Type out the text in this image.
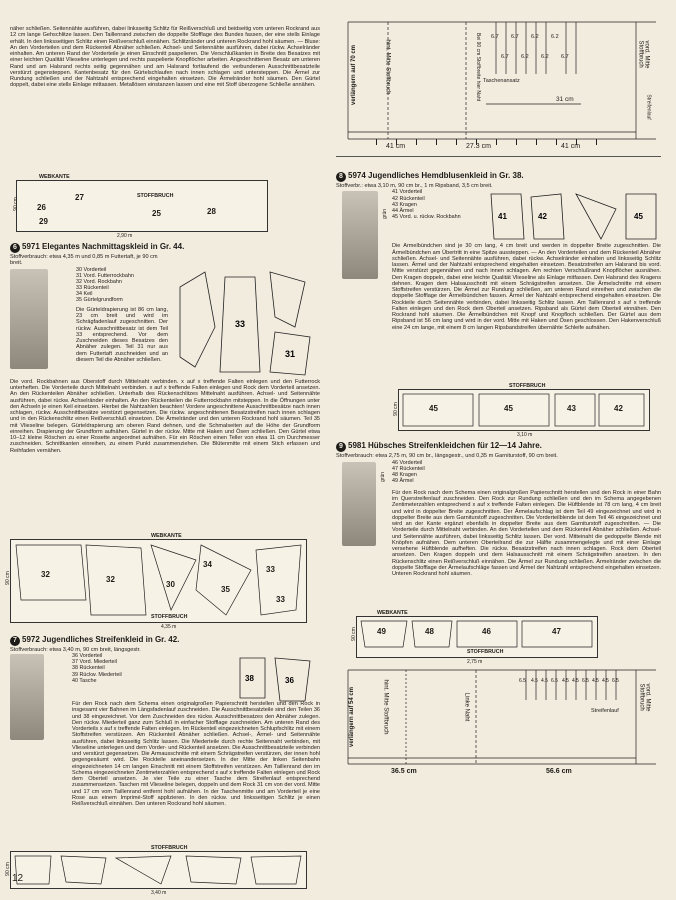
näher schließen. Seitennähte ausführen, dabei linksseitig Schlitz für Reißverschluß und beidseitig vom unteren Rockrand aus 12 cm lange Gehschlitze lassen. Den Taillenrand zwischen die doppelte Stofflage des Bundes fassen, der eine stells Einlage erhält. In den linksseitigen Schlitz einen Reißverschluß einnähen. Schlitzränder und unteren Rockrand hohl säumen. — Bluse: An den Vorderteilen und dem Rückenteil Abnäher schließen. Achsel- und Seitennähte ausführen, dabei rückw. Achselränder einhalten. Am unteren Rand der Vorderteile je einen Einschnitt paspelieren. Die Verschlußkanten in Breite des Besatzes mit einer leichten Qualität Vlieseline unterlegen und rechts paspelierte Knopflöcher arbeiten. Angeschnittenen Besatz am unteren Rand und am Halsrand rechts seitig gegennähen und am Halsrand fortlaufend die verbundenen Ausschnittbesatzteile verstürzt gegensteppen. Kantenbesatz für den Gürtelschlaufen nach innen schlagen und untersteppen. Die Ärmel zur Rundung schließen und der Nahtzahl entsprechend eingehalten einsetzen. Die Ärmelränder hohl säumen. Den Gürtel doppelt, dabei eine stells Einlage mittassen. Metallösen einstanzen lassen und eine mit Stoff überzogene Schließe annähen.

WEBKANTE
STOFFBRUCH
26
27
28
29
25
2,90 m
90 cm
6 5971 Elegantes Nachmittagskleid in Gr. 44.

Stoffverbrauch: etwa 4,35 m und 0,85 m Futtertaft, je 90 cm breit.

30 Vorderteil

31 Vord. Futterrockbahn

32 Vord. Rockbahn

33 Rückenteil

34 Keil

35 Gürtelgrundform

Die Gürteldrapierung ist 86 cm lang, 23 cm breit und wird im Schrägfadenlauf zugeschnitten. Der rückw. Ausschnittbesatz ist dem Teil 33 entsprechend. Vor dem Zuschneiden dieses Besatzes den Abnäher zulegen. Teil 31 nur aus dem Futtertaft zuschneiden und an diesem Teil die Abnäher schließen.

33
31

Die vord. Rockbahnen aus Oberstoff durch Mittelnaht verbinden. x auf x treffende Falten einlegen und den Futterrock unterheften. Die Vorderteile durch Mittelnaht verbinden. x auf x treffende Falten einlegen und Rock dem Vorderteil ansetzen. An den Rückenteilen Abnäher schließen. Unterhalb des Rückenschlitzes Mittelnaht ausführen. Achsel- und Seitennähte ausführen, dabei rückw. Achselränder einhalten. An den Rückenteilen die Futterrockbahn mitsteppen. In die Öffnungen unter den Achseln je einen Keil einsetzen. Hierbei die Nahtzahlen beachten! Vordere angeschnittene Ausschnittbesätze nach innen schlagen, rückw. Ausschnittbesätze verstürzt gegensetzen. Die rückw. angeschnittenen Besatzstreifen nach innen schlagen und in den Rückenschlitz einen Reißverschluß einsetzen. Die Ärmelränder und den unteren Rockrand hohl säumen. Teil 35 mit Vlieseline belegen. Gürteldrapierung am oberen Rand dehnen, und die Schmalseiten auf die Höhe der Grundform einreihen. Drapierung der Grundform aufnähen. Gürtel in der rückw. Mitte mit Haken und Ösen schließen. Den Gürtel etwa 10–12 kleine Röschen zu einer Rosette angeordnet aufnähen. Für ein Röschen einen Teller von etwa 11 cm Durchmesser zuschneiden. Schnittkanten einreihen, zu einem Punkt zusammenziehen. Die Blütenmitte mit einem Stich erfassen und Reihfaden vernähen.

WEBKANTE
STOFFBRUCH
32
32
30
34
35
33
33
4,35 m
90 cm
7 5972 Jugendliches Streifenkleid in Gr. 42.

Stoffverbrauch: etwa 3,40 m, 90 cm breit, längsgestr.

36 Vorderteil

37 Vord. Miederteil

38 Rückenteil

39 Rückw. Miederteil

40 Tasche	38	36

Für den Rock nach dem Schema einen originalgroßen Papierschnitt herstellen und den Rock in insgesamt vier Bahnen im Längsfadenlauf zuschneiden. Die Ausschnittbesatzteile sind den Teilen 36 und 38 eingezeichnet. Vor dem Zuschneiden des rückw. Ausschnittbesatzes den Abnäher zulegen. Den rückw. Miederteil ganz zum Schluß in einfacher Stofflage zuschneiden. Am unteren Rand des Vorderteils x auf x treffende Falten einlegen. Im Rückenteil eingezeichneten Schlupfschlitz mit einem Stoffstreifen verstürzen. Am Rückenteil Abnäher schließen. Achsel-, Ärmel- und Seitennähte ausführen, dabei linksseitig Schlitz lassen. Die Miederteile durch rechte Seitennaht verbinden, mit Vlieseline unterlegen und dem Vorder- und Rückenteil ansetzen. Die Ausschnittbesatzteile verbinden und verstürzt gegensetzen. Die Armausschnitte mit einem Schrägstreifen verstürzen, der innen hohl gegengesäumt wird. Die Rockteile aneinandersetzen. In der Mitte der linken Seitenbahn eingezeichneten 14 cm langen Einschnitt mit einem Stoffstreifen verstürzen. Am Taillenrand den im Schema eingezeichneten Zentimeterzahlen entsprechend x auf x treffende Falten einlegen und Rock dem Oberteil ansetzen. Je vier Teile zu einer Tasche dem Streifenlauf entsprechend zusammensetzen. Taschen mit Vlieseline belegen, doppeln und dem Rock 31 cm von der vord. Mitte und 17 cm vom Taillenrand entfernt hohl aufnähen. In der Taschenmitte und am Vorderteil je eine Rose aus einem Imprimé-Stoff applizieren. In den rückw. und linksseitigen Schlitz je einen Reißverschluß einnähen. Den unteren Rockrand hohl säumen.

STOFFBRUCH
3,40 m
90 cm
verlängern auf 70 cm	hint. Mitte Stoffbruch	Bei 90 cm Stoffbreite hier Naht	vord. Mitte Stoffbruch
Taschenansatz
31 cm	Streifenlauf
41 cm	27.3 cm	41 cm
6.7 6.7 6.2 6.2
6.7 6.2 6.2 6.7
8 5974 Jugendliches Hemdblusenkleid in Gr. 38.

Stoffverbr.: etwa 3,10 m, 90 cm br., 1 m Ripsband, 3,5 cm breit.

grün

41 Vorderteil

42 Rückenteil

43 Kragen

44 Ärmel

45 Vord. u. rückw. Rockbahn	41	42	45

Die Ärmelbündchen sind je 30 cm lang, 4 cm breit und werden in doppelter Breite zugeschnitten. Die Ärmelbündchen am Übertritt in eine Spitze aussteppen. — An den Vorderteilen und dem Rückenteil Abnäher schließen. Achsel- und Seitennähte ausführen, dabei rückw. Achselränder einhalten und linksseitig Schlitz lassen. Ärmel und der Nahtzahl entsprechend eingehalten einsetzen. Besatzstreifen am Halsrand bis vord. Mitte verstürzt gegennähen und nach innen schlagen. Am rechten Verschlußrand Knopflöcher ausnähen. Den Kragen doppeln, dabei eine leichte Qualität Vlieseline als Einlage mitfassen. Den Halsrand des Kragens dehnen. Kragen dem Halsausschnitt mit einem Schrägstreifen ansetzen. Die Ärmelschnitte mit einem Stoffstreifen verstürzen. Die Ärmel zur Rundung schließen, am unteren Rand einreihen und zwischen die doppelte Stofflage der Ärmelbündchen fassen. Ärmel der Nahtzahl entsprechend eingehalten einsetzen. Die Rockteile durch Seitennähte verbinden, dabei linksseitig Schlitz lassen. Am Taillenrand x auf x treffende Falten einlegen und den Rock dem Oberteil ansetzen. Ripsband als Gürtel dem Oberteil einnähen. Den Rockrand hohl säumen. Die Ärmelbündchen mit Knopf und Knopfloch schließen. Der Gürtel aus dem Ripsband ist 56 cm lang und wird in der vord. Mitte mit Haken und Ösen geschlossen. Den Hakenverschluß eine 24 cm lange, mit einem 8 cm langen Ripsbandstreifen übernähte Schleife aufnähen.

STOFFBRUCH
45	45	43	42
3,10 m
90 cm
9 5981 Hübsches Streifenkleidchen für 12—14 Jahre.

Stoffverbrauch: etwa 2,75 m, 90 cm br., längsgestr., und 0,35 m Garniturstoff, 90 cm breit.

grün

46 Vorderteil

47 Rückenteil

48 Kragen

49 Ärmel

Für den Rock nach dem Schema einen originalgroßen Papierschnitt herstellen und den Rock in einer Bahn im Querstreifenlauf zuschneiden. Den Rock zur Rundung schließen und den im Schema angegebenen Zentimeterzahlen entsprechend x auf x treffende Falten einlegen. Die Hüftblende ist 78 cm lang, 4 cm breit und wird in doppelter Breite zugeschnitten. Der Ärmelaufschlag ist dem Teil 49 eingezeichnet und wird in doppelter Breite aus dem Garniturstoff zugeschnitten. Die Vorderteilblende ist dem Teil 46 eingezeichnet und wird an der Kante ergänzt ebenfalls in doppelter Breite aus dem Garniturstoff zugeschnitten. — Die Vorderteile durch Mittelnaht verbinden. An den Vorderteilen und dem Rückenteil Abnäher schließen. Achsel- und Seitennähte ausführen, dabei linksseitig Schlitz lassen. Der vord. Mitteinaht die gedoppelte Blende mit Knöpfen aufnähen. Dem unteren Oberteilrand die zur Hälfte zusammengelegte und mit einer Einlage versehene Hüftblende aufheften. Die rückw. Besatzstreifen nach innen schlagen. Rock dem Oberteil ansetzen. Den Kragen doppeln und dem Halsausschnitt mit einem Schrägstreifen ansetzen. In den Rückenschlitz einen Reißverschluß einnähen. Die Ärmel zur Rundung schließen. Ärmelränder zwischen die doppelte Stofflage der Ärmelaufschläge fassen und Ärmel der Nahtzahl entsprechend eingehalten einsetzen. Unteren Rockrand hohl säumen.

WEBKANTE
STOFFBRUCH
49	48	46	47
2,75 m
90 cm
verlängern auf 54 cm	hint. Mitte Stoffbruch	Linke Naht	vord. Mitte Stoffbruch
Streifenlauf
36.5 cm	56.6 cm
6.5 4.5 4.5 6.5 4.5 4.5 6.5 4.5 4.5 6.5
12
